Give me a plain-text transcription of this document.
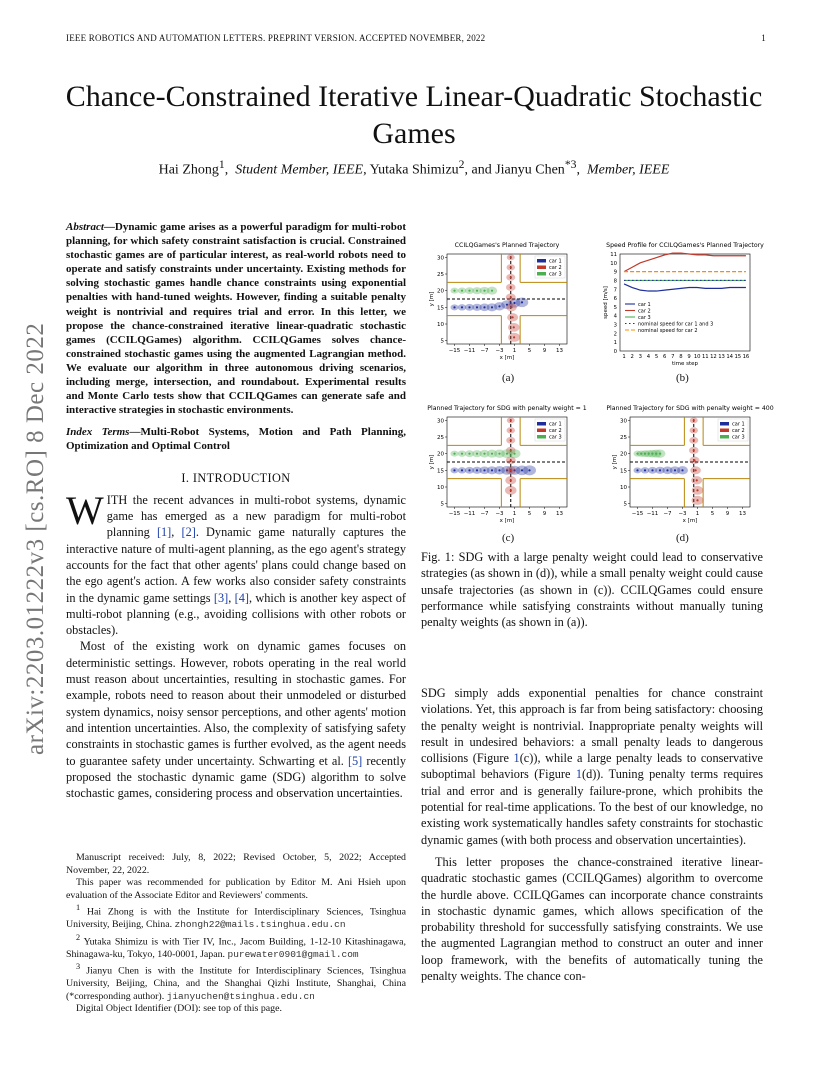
IEEE ROBOTICS AND AUTOMATION LETTERS. PREPRINT VERSION. ACCEPTED NOVEMBER, 2022	1
Chance-Constrained Iterative Linear-Quadratic Stochastic Games
Hai Zhong$^1$,  Student Member, IEEE, Yutaka Shimizu$^2$, and Jianyu Chen$^{*3}$,  Member, IEEE
arXiv:2203.01222v3 [cs.RO] 8 Dec 2022
Abstract—Dynamic game arises as a powerful paradigm for multi-robot planning, for which safety constraint satisfaction is crucial. Constrained stochastic games are of particular interest, as real-world robots need to operate and satisfy constraints under uncertainty. Existing methods for solving stochastic games handle chance constraints using exponential penalties with hand-tuned weights. However, finding a suitable penalty weight is nontrivial and requires trial and error. In this letter, we propose the chance-constrained iterative linear-quadratic stochastic games (CCILQGames) algorithm. CCILQGames solves chance-constrained stochastic games using the augmented Lagrangian method. We evaluate our algorithm in three autonomous driving scenarios, including merge, intersection, and roundabout. Experimental results and Monte Carlo tests show that CCILQGames can generate safe and interactive strategies in stochastic environments.
Index Terms—Multi-Robot Systems, Motion and Path Planning, Optimization and Optimal Control
I. INTRODUCTION

WITH the recent advances in multi-robot systems, dynamic game has emerged as a new paradigm for multi-robot planning [1], [2]. Dynamic game naturally captures the interactive nature of multi-agent planning, as the ego agent's strategy accounts for the fact that other agents' plans could change based on the ego agent's action. A few works also consider safety constraints in the dynamic game settings [3], [4], which is another key aspect of multi-robot planning (e.g., avoiding collisions with other robots or obstacles).

Most of the existing work on dynamic games focuses on deterministic settings. However, robots operating in the real world must reason about uncertainties, resulting in stochastic games. For example, robots need to reason about their unmodeled or disturbed system dynamics, noisy sensor perceptions, and other agents' motion and intention uncertainties. Also, the complexity of satisfying safety constraints in stochastic games is further evolved, as the agent needs to guarantee safety under uncertainty. Schwarting et al. [5] recently proposed the stochastic dynamic game (SDG) algorithm to solve stochastic games, considering process and observation uncertainties.

Manuscript received: July, 8, 2022; Revised October, 5, 2022; Accepted November, 22, 2022.

This paper was recommended for publication by Editor M. Ani Hsieh upon evaluation of the Associate Editor and Reviewers' comments.

$^1$ Hai Zhong is with the Institute for Interdisciplinary Sciences, Tsinghua University, Beijing, China. zhongh22@mails.tsinghua.edu.cn

$^2$ Yutaka Shimizu is with Tier IV, Inc., Jacom Building, 1-12-10 Kitashinagawa, Shinagawa-ku, Tokyo, 140-0001, Japan. purewater0901@gmail.com

$^3$ Jianyu Chen is with the Institute for Interdisciplinary Sciences, Tsinghua University, Beijing, China, and the Shanghai Qizhi Institute, Shanghai, China (*corresponding author). jianyuchen@tsinghua.edu.cn

Digital Object Identifier (DOI): see top of this page.

CCILQGames's Planned Trajectory
−15 −11 −7 −3 1 5 9 13
5
10
15
20
25
30
x [m]
y [m]
car 1
car 2
car 3
(a)
Speed Profile for CCILQGames's Planned Trajectory
1 2 3 4 5 6 7 8 9 10 11 12 13 14 15 16
0
1
2
3
4
5
6
7
8
9
10
11
time step
speed [m/s]	car 1
car 2
car 3
nominal speed for car 1 and 3
nominal speed for car 2
(b)
Planned Trajectory for SDG with penalty weight = 1
−15 −11 −7 −3 1 5 9 13
5
10
15
20
25
30
x [m]
y [m]
car 1
car 2
car 3
(c)
Planned Trajectory for SDG with penalty weight = 400
−15 −11 −7 −3 1 5 9 13
5
10
15
20
25
30
x [m]
y [m]
car 1
car 2
car 3
(d)
Fig. 1: SDG with a large penalty weight could lead to conservative strategies (as shown in (d)), while a small penalty weight could cause unsafe trajectories (as shown in (c)). CCILQGames could ensure performance while satisfying constraints without manually tuning penalty weights (as shown in (a)).

SDG simply adds exponential penalties for chance constraint violations. Yet, this approach is far from being satisfactory: choosing the penalty weight is nontrivial. Inappropriate penalty weights will result in undesired behaviors: a small penalty leads to dangerous collisions (Figure 1(c)), while a large penalty leads to conservative suboptimal behaviors (Figure 1(d)). Tuning penalty terms requires trial and error and is generally failure-prone, which prohibits the potential for real-time applications. To the best of our knowledge, no existing work systematically handles safety constraints for stochastic dynamic games (with both process and observation uncertainties).

This letter proposes the chance-constrained iterative linear-quadratic stochastic games (CCILQGames) algorithm to overcome the hurdle above. CCILQGames can incorporate chance constraints in stochastic dynamic games, which allows specification of the probability threshold for successfully satisfying constraints. We use the augmented Lagrangian method to construct an outer and inner loop framework, with the benefits of automatically tuning the penalty weights. The chance con-
